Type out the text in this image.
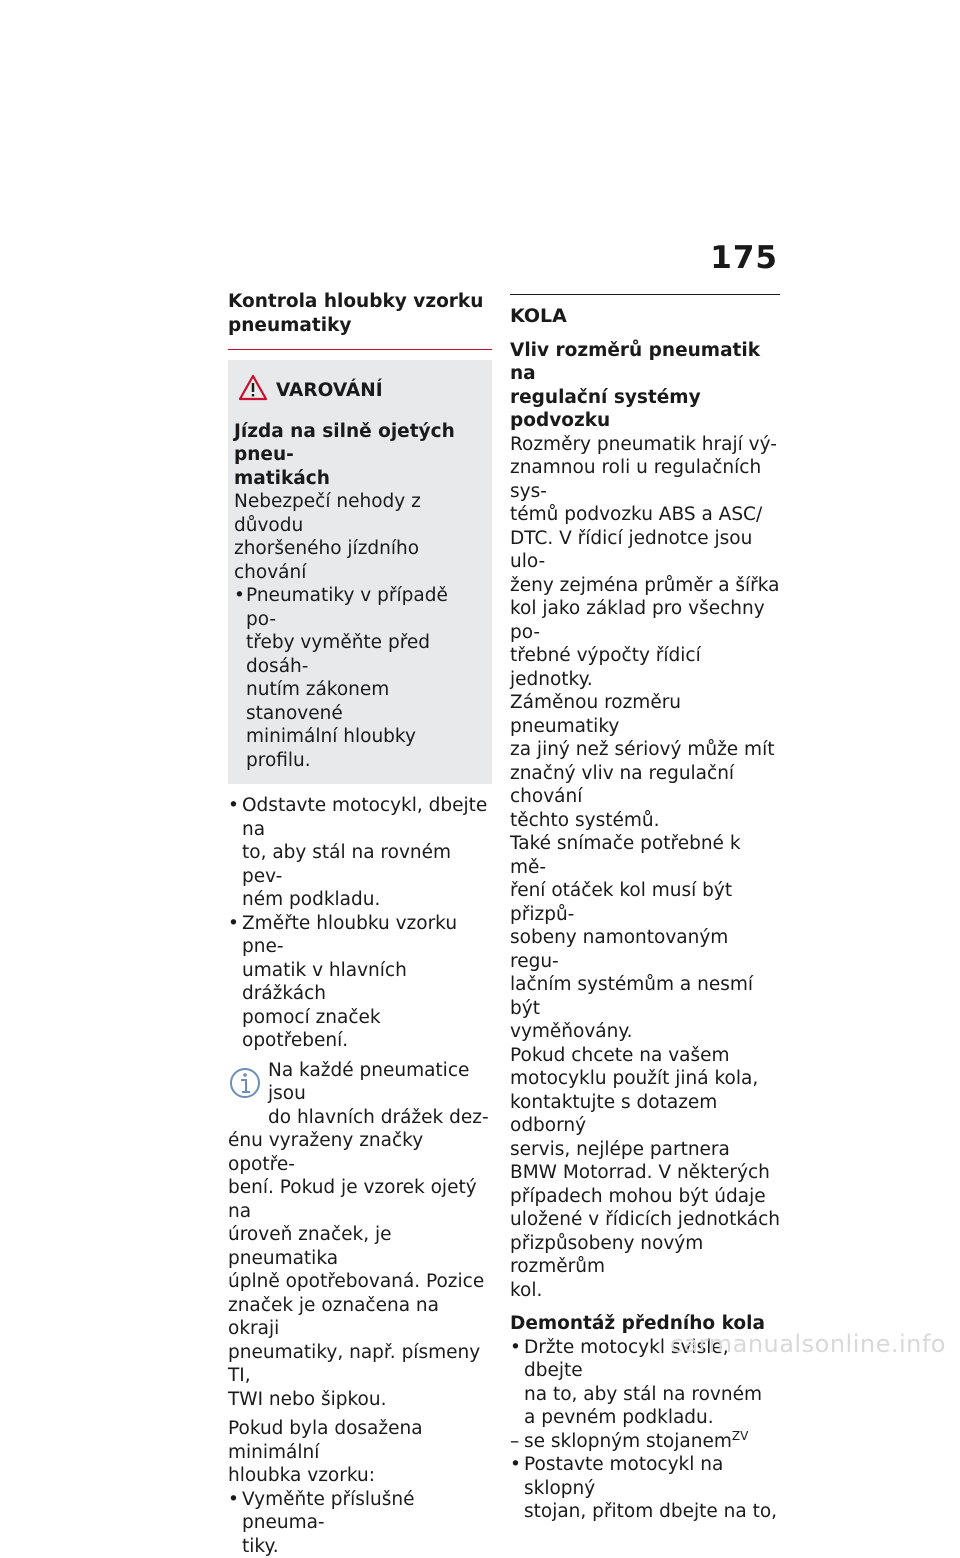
175

Kontrola hloubky vzorku

pneumatiky

VAROVÁNÍ

Jízda na silně ojetých pneu-

matikách

Nebezpečí nehody z důvodu

zhoršeného jízdního chování

• Pneumatiky v případě po-

třeby vyměňte před dosáh-

nutím zákonem stanovené

minimální hloubky profilu.

• Odstavte motocykl, dbejte na

to, aby stál na rovném pev-

ném podkladu.

• Změřte hloubku vzorku pne-

umatik v hlavních drážkách

pomocí značek opotřebení.

Na každé pneumatice jsou

do hlavních drážek dez-

énu vyraženy značky opotře-

bení. Pokud je vzorek ojetý na

úroveň značek, je pneumatika

úplně opotřebovaná. Pozice

značek je označena na okraji

pneumatiky, např. písmeny TI,

TWI nebo šipkou.

Pokud byla dosažena minimální

hloubka vzorku:

• Vyměňte příslušné pneuma-

tiky.

KOLA

Vliv rozměrů pneumatik na

regulační systémy podvozku

Rozměry pneumatik hrají vý-

znamnou roli u regulačních sys-

témů podvozku ABS a ASC/

DTC. V řídicí jednotce jsou ulo-

ženy zejména průměr a šířka

kol jako základ pro všechny po-

třebné výpočty řídicí jednotky.

Záměnou rozměru pneumatiky

za jiný než sériový může mít

značný vliv na regulační chování

těchto systémů.

Také snímače potřebné k mě-

ření otáček kol musí být přizpů-

sobeny namontovaným regu-

lačním systémům a nesmí být

vyměňovány.

Pokud chcete na vašem

motocyklu použít jiná kola,

kontaktujte s dotazem odborný

servis, nejlépe partnera

BMW Motorrad. V některých

případech mohou být údaje

uložené v řídicích jednotkách

přizpůsobeny novým rozměrům

kol.

Demontáž předního kola

• Držte motocykl svisle, dbejte

na to, aby stál na rovném

a pevném podkladu.

– se sklopným stojanem$^{ZV}$

• Postavte motocykl na sklopný

stojan, přitom dbejte na to,

carmanualsonline.info
